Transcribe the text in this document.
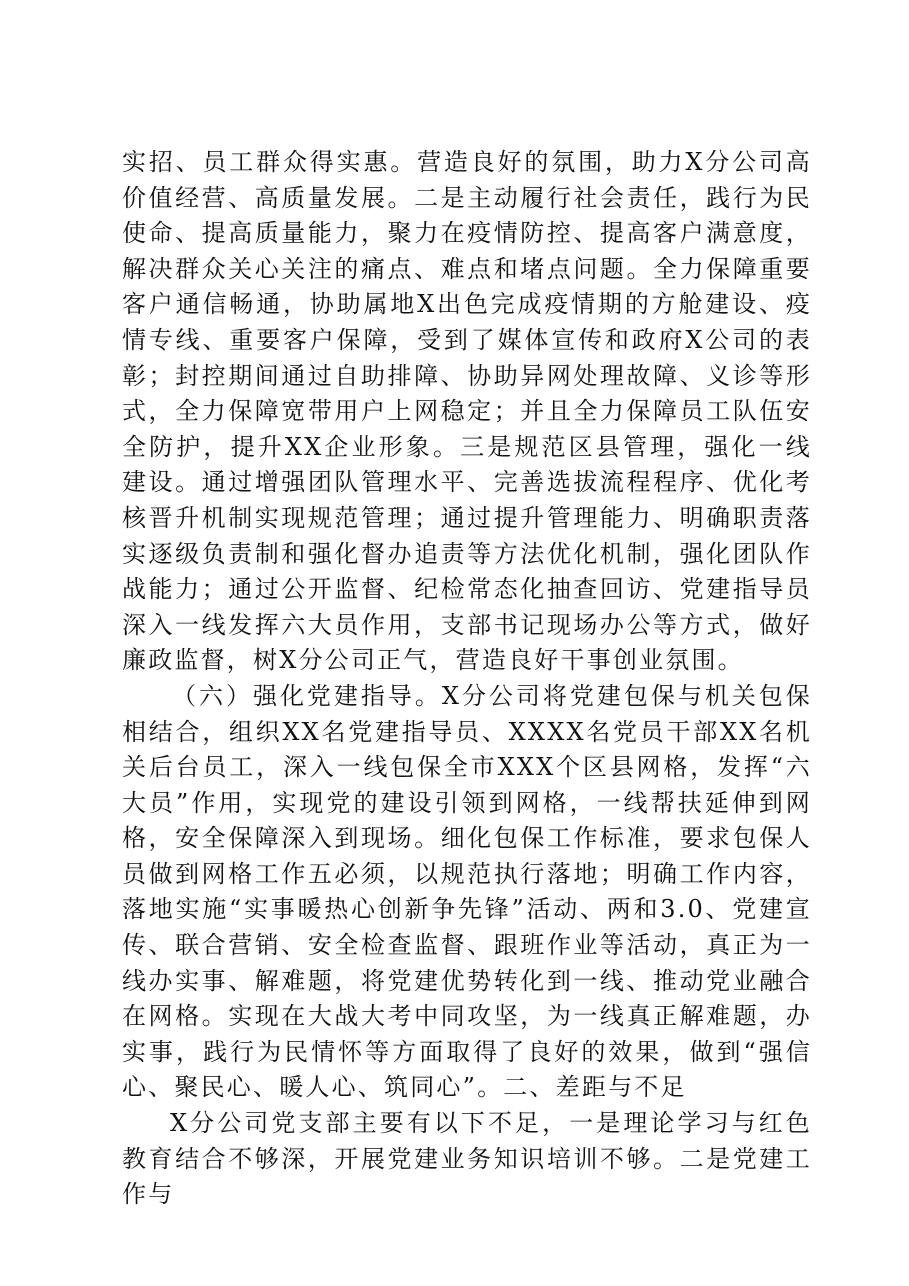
实招、员工群众得实惠。营造良好的氛围，助力X分公司高价值经营、高质量发展。二是主动履行社会责任，践行为民使命、提高质量能力，聚力在疫情防控、提高客户满意度，解决群众关心关注的痛点、难点和堵点问题。全力保障重要客户通信畅通，协助属地X出色完成疫情期的方舱建设、疫情专线、重要客户保障，受到了媒体宣传和政府X公司的表彰；封控期间通过自助排障、协助异网处理故障、义诊等形式，全力保障宽带用户上网稳定；并且全力保障员工队伍安全防护，提升XX企业形象。三是规范区县管理，强化一线建设。通过增强团队管理水平、完善选拔流程程序、优化考核晋升机制实现规范管理；通过提升管理能力、明确职责落实逐级负责制和强化督办追责等方法优化机制，强化团队作战能力；通过公开监督、纪检常态化抽查回访、党建指导员深入一线发挥六大员作用，支部书记现场办公等方式，做好廉政监督，树X分公司正气，营造良好干事创业氛围。

（六）强化党建指导。X分公司将党建包保与机关包保相结合，组织XX名党建指导员、XXXX名党员干部XX名机关后台员工，深入一线包保全市XXX个区县网格，发挥“六大员”作用，实现党的建设引领到网格，一线帮扶延伸到网格，安全保障深入到现场。细化包保工作标准，要求包保人员做到网格工作五必须，以规范执行落地；明确工作内容，落地实施“实事暖热心创新争先锋”活动、两和3.0、党建宣传、联合营销、安全检查监督、跟班作业等活动，真正为一线办实事、解难题，将党建优势转化到一线、推动党业融合在网格。实现在大战大考中同攻坚，为一线真正解难题，办实事，践行为民情怀等方面取得了良好的效果，做到“强信心、聚民心、暖人心、筑同心”。二、差距与不足

X分公司党支部主要有以下不足，一是理论学习与红色教育结合不够深，开展党建业务知识培训不够。二是党建工作与
